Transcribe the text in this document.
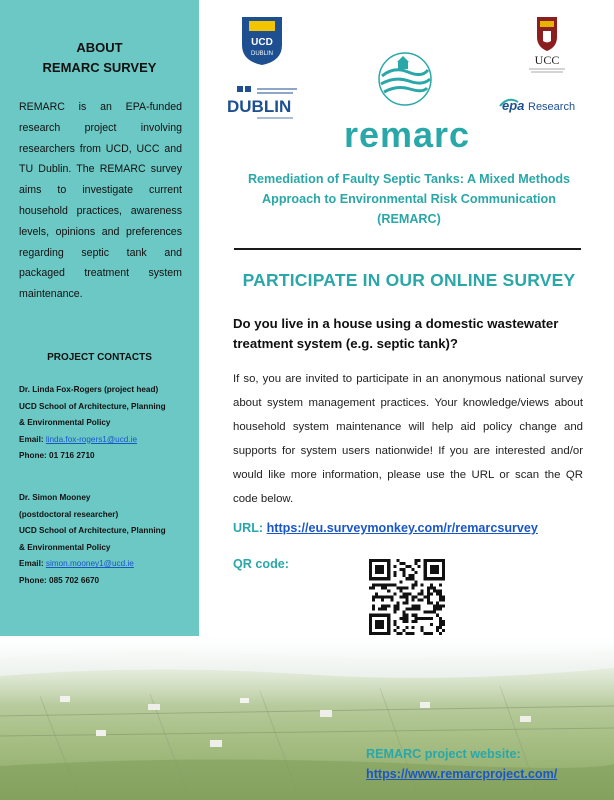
ABOUT
REMARC SURVEY

REMARC is an EPA-funded research project involving researchers from UCD, UCC and TU Dublin. The REMARC survey aims to investigate current household practices, awareness levels, opinions and preferences regarding septic tank and packaged treatment system maintenance.

PROJECT CONTACTS
Dr. Linda Fox-Rogers (project head)
UCD School of Architecture, Planning
& Environmental Policy
Email: linda.fox-rogers1@ucd.ie
Phone: 01 716 2710
Dr. Simon Mooney
(postdoctoral researcher)
UCD School of Architecture, Planning
& Environmental Policy
Email: simon.mooney1@ucd.ie
Phone: 085 702 6670
UCD
DUBLIN
DUBLIN
UCC
epa Research
remarc
Remediation of Faulty Septic Tanks: A Mixed Methods Approach to Environmental Risk Communication (REMARC)
PARTICIPATE IN OUR ONLINE SURVEY
Do you live in a house using a domestic wastewater treatment system (e.g. septic tank)?

If so, you are invited to participate in an anonymous national survey about system management practices. Your knowledge/views about household system maintenance will help aid policy change and supports for system users nationwide! If you are interested and/or would like more information, please use the URL or scan the QR code below.

URL: https://eu.surveymonkey.com/r/remarcsurvey
QR code:
REMARC project website:
https://www.remarcproject.com/
